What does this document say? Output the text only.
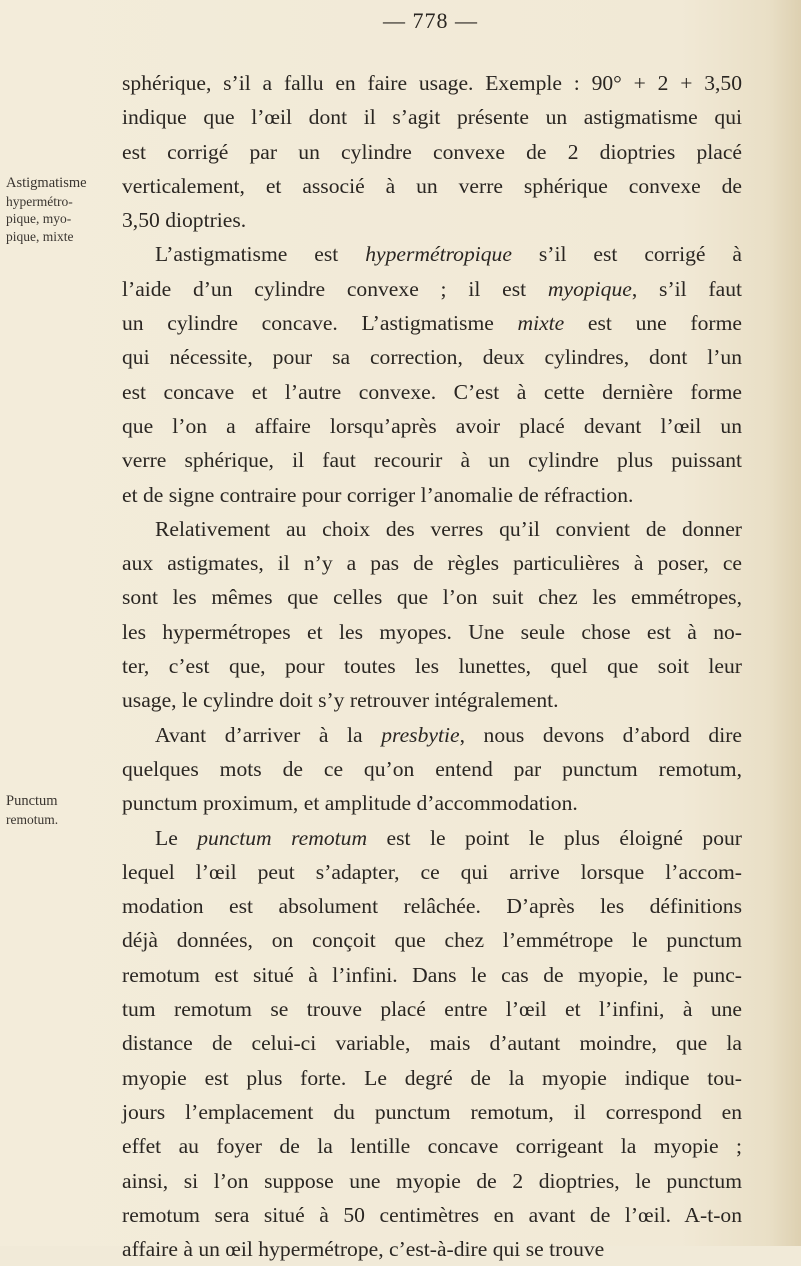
— 778 —
Astigmatisme
hypermétro-
pique, myo-
pique, mixte
Punctum
remotum.
sphérique, s’il a fallu en faire usage. Exemple : 90° + 2 + 3,50
indique que l’œil dont il s’agit présente un astigmatisme qui
est corrigé par un cylindre convexe de 2 dioptries placé
verticalement, et associé à un verre sphérique convexe de
3,50 dioptries.
L’astigmatisme est hypermétropique s’il est corrigé à
l’aide d’un cylindre convexe ; il est myopique, s’il faut
un cylindre concave. L’astigmatisme mixte est une forme
qui nécessite, pour sa correction, deux cylindres, dont l’un
est concave et l’autre convexe. C’est à cette dernière forme
que l’on a affaire lorsqu’après avoir placé devant l’œil un
verre sphérique, il faut recourir à un cylindre plus puissant
et de signe contraire pour corriger l’anomalie de réfraction.
Relativement au choix des verres qu’il convient de donner
aux astigmates, il n’y a pas de règles particulières à poser, ce
sont les mêmes que celles que l’on suit chez les emmétropes,
les hypermétropes et les myopes. Une seule chose est à no-
ter, c’est que, pour toutes les lunettes, quel que soit leur
usage, le cylindre doit s’y retrouver intégralement.
Avant d’arriver à la presbytie, nous devons d’abord dire
quelques mots de ce qu’on entend par punctum remotum,
punctum proximum, et amplitude d’accommodation.
Le punctum remotum est le point le plus éloigné pour
lequel l’œil peut s’adapter, ce qui arrive lorsque l’accom-
modation est absolument relâchée. D’après les définitions
déjà données, on conçoit que chez l’emmétrope le punctum
remotum est situé à l’infini. Dans le cas de myopie, le punc-
tum remotum se trouve placé entre l’œil et l’infini, à une
distance de celui-ci variable, mais d’autant moindre, que la
myopie est plus forte. Le degré de la myopie indique tou-
jours l’emplacement du punctum remotum, il correspond en
effet au foyer de la lentille concave corrigeant la myopie ;
ainsi, si l’on suppose une myopie de 2 dioptries, le punctum
remotum sera situé à 50 centimètres en avant de l’œil. A-t-on
affaire à un œil hypermétrope, c’est-à-dire qui se trouve
